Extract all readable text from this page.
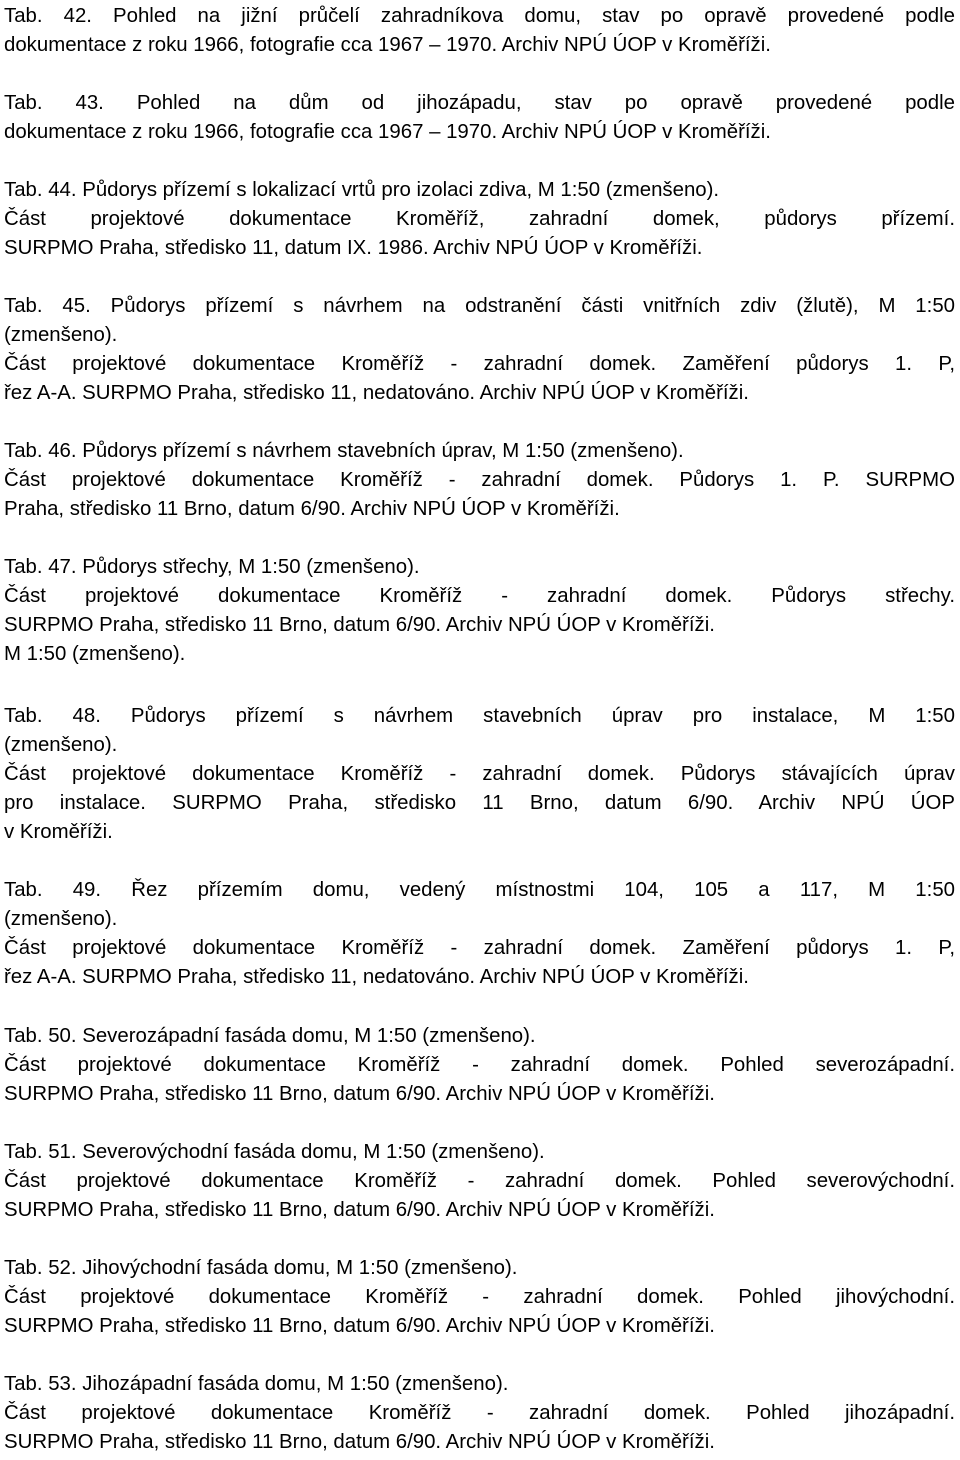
Tab. 42. Pohled na jižní průčelí zahradníkova domu, stav po opravě provedené podle
dokumentace z roku 1966, fotografie cca 1967 – 1970. Archiv NPÚ ÚOP v Kroměříži.
Tab. 43. Pohled na dům od jihozápadu, stav po opravě provedené podle
dokumentace z roku 1966, fotografie cca 1967 – 1970. Archiv NPÚ ÚOP v Kroměříži.
Tab. 44. Půdorys přízemí s lokalizací vrtů pro izolaci zdiva, M 1:50 (zmenšeno).
Část projektové dokumentace Kroměříž, zahradní domek, půdorys přízemí.
SURPMO Praha, středisko 11, datum IX. 1986. Archiv NPÚ ÚOP v Kroměříži.
Tab. 45. Půdorys přízemí s návrhem na odstranění části vnitřních zdiv (žlutě), M 1:50
(zmenšeno).
Část projektové dokumentace Kroměříž - zahradní domek. Zaměření půdorys 1. P,
řez A-A. SURPMO Praha, středisko 11, nedatováno. Archiv NPÚ ÚOP v Kroměříži.
Tab. 46. Půdorys přízemí s návrhem stavebních úprav, M 1:50 (zmenšeno).
Část projektové dokumentace Kroměříž - zahradní domek. Půdorys 1. P. SURPMO
Praha, středisko 11 Brno, datum 6/90. Archiv NPÚ ÚOP v Kroměříži.
Tab. 47. Půdorys střechy, M 1:50 (zmenšeno).
Část projektové dokumentace Kroměříž - zahradní domek. Půdorys střechy.
SURPMO Praha, středisko 11 Brno, datum 6/90. Archiv NPÚ ÚOP v Kroměříži.
M 1:50 (zmenšeno).
Tab. 48. Půdorys přízemí s návrhem stavebních úprav pro instalace, M 1:50
(zmenšeno).
Část projektové dokumentace Kroměříž - zahradní domek. Půdorys stávajících úprav
pro instalace. SURPMO Praha, středisko 11 Brno, datum 6/90. Archiv NPÚ ÚOP
v Kroměříži.
Tab. 49. Řez přízemím domu, vedený místnostmi 104, 105 a 117, M 1:50
(zmenšeno).
Část projektové dokumentace Kroměříž - zahradní domek. Zaměření půdorys 1. P,
řez A-A. SURPMO Praha, středisko 11, nedatováno. Archiv NPÚ ÚOP v Kroměříži.
Tab. 50. Severozápadní fasáda domu, M 1:50 (zmenšeno).
Část projektové dokumentace Kroměříž - zahradní domek. Pohled severozápadní.
SURPMO Praha, středisko 11 Brno, datum 6/90. Archiv NPÚ ÚOP v Kroměříži.
Tab. 51. Severovýchodní fasáda domu, M 1:50 (zmenšeno).
Část projektové dokumentace Kroměříž - zahradní domek. Pohled severovýchodní.
SURPMO Praha, středisko 11 Brno, datum 6/90. Archiv NPÚ ÚOP v Kroměříži.
Tab. 52. Jihovýchodní fasáda domu, M 1:50 (zmenšeno).
Část projektové dokumentace Kroměříž - zahradní domek. Pohled jihovýchodní.
SURPMO Praha, středisko 11 Brno, datum 6/90. Archiv NPÚ ÚOP v Kroměříži.
Tab. 53. Jihozápadní fasáda domu, M 1:50 (zmenšeno).
Část projektové dokumentace Kroměříž - zahradní domek. Pohled jihozápadní.
SURPMO Praha, středisko 11 Brno, datum 6/90. Archiv NPÚ ÚOP v Kroměříži.
